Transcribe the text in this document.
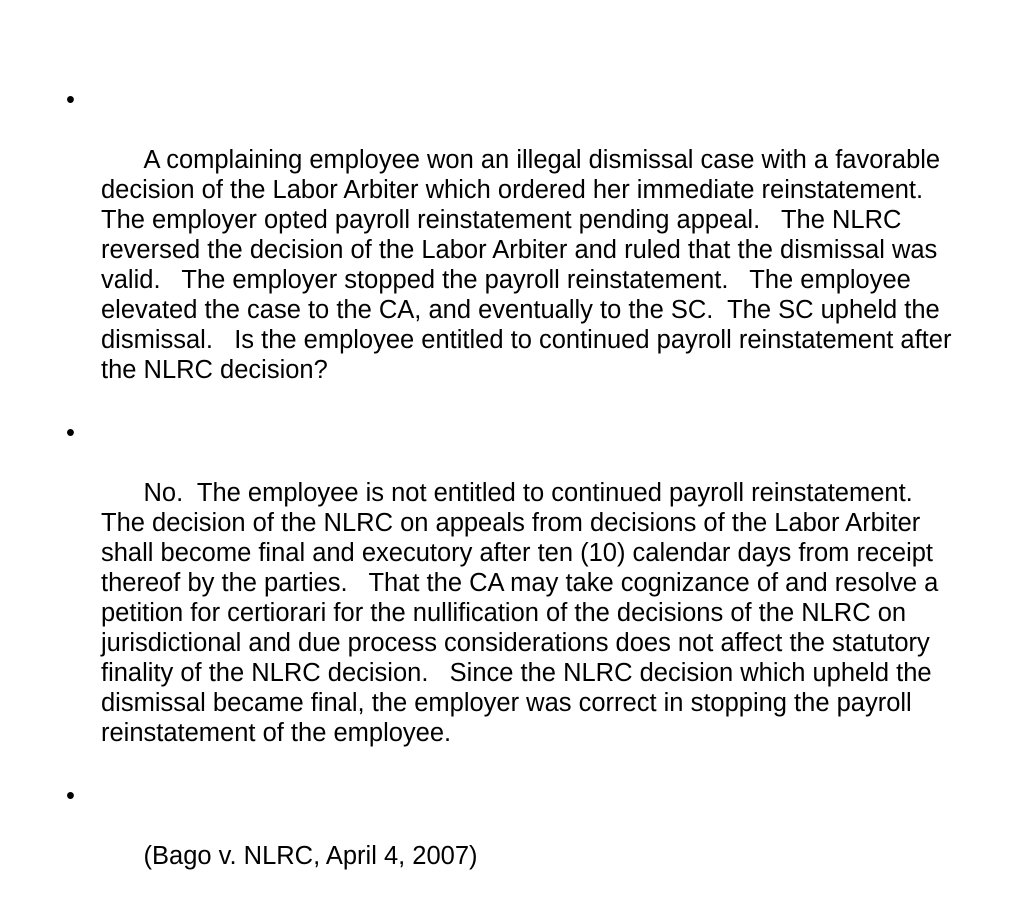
•

A complaining employee won an illegal dismissal case with a favorable decision of the Labor Arbiter which ordered her immediate reinstatement.   The employer opted payroll reinstatement pending appeal.   The NLRC reversed the decision of the Labor Arbiter and ruled that the dismissal was valid.   The employer stopped the payroll reinstatement.   The employee elevated the case to the CA, and eventually to the SC.  The SC upheld the dismissal.   Is the employee entitled to continued payroll reinstatement after the NLRC decision?

•

No.  The employee is not entitled to continued payroll reinstatement.   The decision of the NLRC on appeals from decisions of the Labor Arbiter shall become final and executory after ten (10) calendar days from receipt thereof by the parties.   That the CA may take cognizance of and resolve a petition for certiorari for the nullification of the decisions of the NLRC on jurisdictional and due process considerations does not affect the statutory finality of the NLRC decision.   Since the NLRC decision which upheld the dismissal became final, the employer was correct in stopping the payroll reinstatement of the employee.

•

(Bago v. NLRC, April 4, 2007)
